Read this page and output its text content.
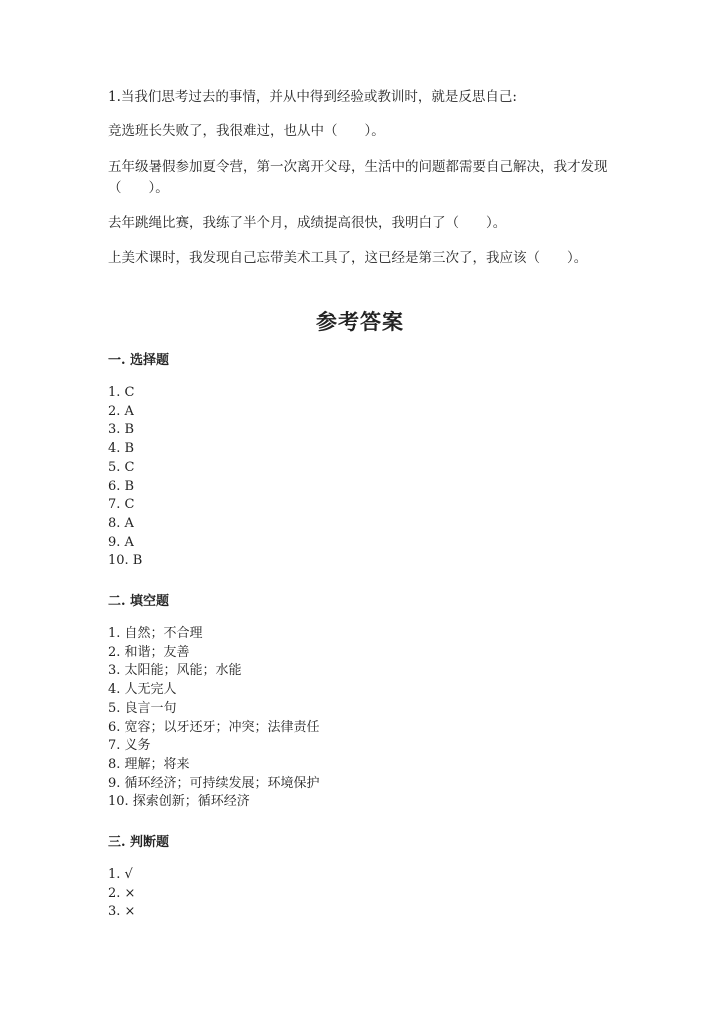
1.当我们思考过去的事情，并从中得到经验或教训时，就是反思自己:

竞选班长失败了，我很难过，也从中（　　）。

五年级暑假参加夏令营，第一次离开父母，生活中的问题都需要自己解决，我才发现（　　）。

去年跳绳比赛，我练了半个月，成绩提高很快，我明白了（　　）。

上美术课时，我发现自己忘带美术工具了，这已经是第三次了，我应该（　　）。

参考答案
一. 选择题
1. C
2. A
3. B
4. B
5. C
6. B
7. C
8. A
9. A
10. B
二. 填空题
1. 自然；不合理
2. 和谐；友善
3. 太阳能；风能；水能
4. 人无完人
5. 良言一句
6. 宽容；以牙还牙；冲突；法律责任
7. 义务
8. 理解；将来
9. 循环经济；可持续发展；环境保护
10. 探索创新；循环经济
三. 判断题
1. √
2. ×
3. ×
